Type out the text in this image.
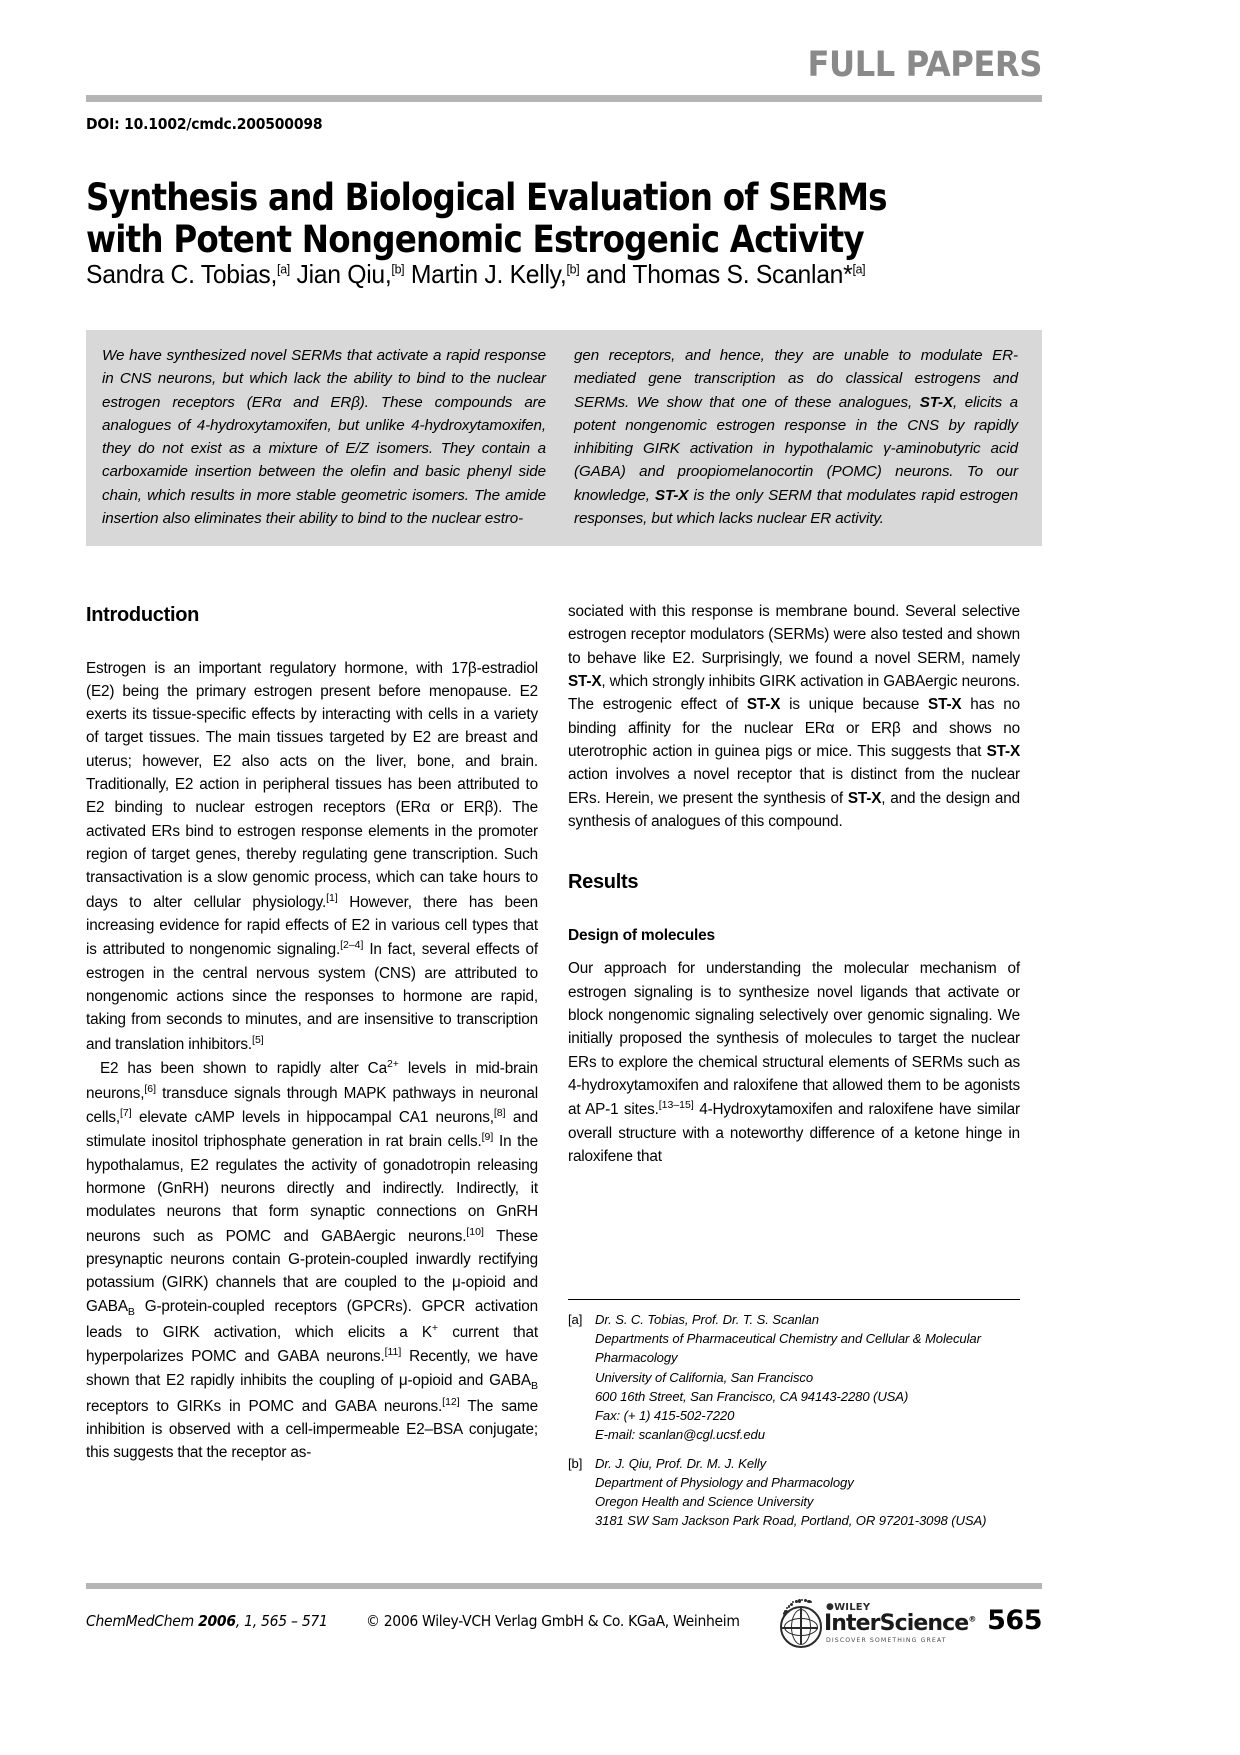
FULL PAPERS
DOI: 10.1002/cmdc.200500098
Synthesis and Biological Evaluation of SERMs with Potent Nongenomic Estrogenic Activity
Sandra C. Tobias,[a] Jian Qiu,[b] Martin J. Kelly,[b] and Thomas S. Scanlan*[a]
We have synthesized novel SERMs that activate a rapid response in CNS neurons, but which lack the ability to bind to the nuclear estrogen receptors (ERα and ERβ). These compounds are analogues of 4-hydroxytamoxifen, but unlike 4-hydroxytamoxifen, they do not exist as a mixture of E/Z isomers. They contain a carboxamide insertion between the olefin and basic phenyl side chain, which results in more stable geometric isomers. The amide insertion also eliminates their ability to bind to the nuclear estro-
gen receptors, and hence, they are unable to modulate ER-mediated gene transcription as do classical estrogens and SERMs. We show that one of these analogues, ST-X, elicits a potent nongenomic estrogen response in the CNS by rapidly inhibiting GIRK activation in hypothalamic γ-aminobutyric acid (GABA) and proopiomelanocortin (POMC) neurons. To our knowledge, ST-X is the only SERM that modulates rapid estrogen responses, but which lacks nuclear ER activity.
Introduction

Estrogen is an important regulatory hormone, with 17β-estradiol (E2) being the primary estrogen present before menopause. E2 exerts its tissue-specific effects by interacting with cells in a variety of target tissues. The main tissues targeted by E2 are breast and uterus; however, E2 also acts on the liver, bone, and brain. Traditionally, E2 action in peripheral tissues has been attributed to E2 binding to nuclear estrogen receptors (ERα or ERβ). The activated ERs bind to estrogen response elements in the promoter region of target genes, thereby regulating gene transcription. Such transactivation is a slow genomic process, which can take hours to days to alter cellular physiology.[1] However, there has been increasing evidence for rapid effects of E2 in various cell types that is attributed to nongenomic signaling.[2–4] In fact, several effects of estrogen in the central nervous system (CNS) are attributed to nongenomic actions since the responses to hormone are rapid, taking from seconds to minutes, and are insensitive to transcription and translation inhibitors.[5]

E2 has been shown to rapidly alter $Ca^{2+}$ levels in mid-brain neurons,[6] transduce signals through MAPK pathways in neuronal cells,[7] elevate cAMP levels in hippocampal CA1 neurons,[8] and stimulate inositol triphosphate generation in rat brain cells.[9] In the hypothalamus, E2 regulates the activity of gonadotropin releasing hormone (GnRH) neurons directly and indirectly. Indirectly, it modulates neurons that form synaptic connections on GnRH neurons such as POMC and GABAergic neurons.[10] These presynaptic neurons contain G-protein-coupled inwardly rectifying potassium (GIRK) channels that are coupled to the μ-opioid and $GABA_B$ G-protein-coupled receptors (GPCRs). GPCR activation leads to GIRK activation, which elicits a K+ current that hyperpolarizes POMC and GABA neurons.[11] Recently, we have shown that E2 rapidly inhibits the coupling of μ-opioid and $GABA_B$ receptors to GIRKs in POMC and GABA neurons.[12] The same inhibition is observed with a cell-impermeable E2–BSA conjugate; this suggests that the receptor as-

sociated with this response is membrane bound. Several selective estrogen receptor modulators (SERMs) were also tested and shown to behave like E2. Surprisingly, we found a novel SERM, namely ST-X, which strongly inhibits GIRK activation in GABAergic neurons. The estrogenic effect of ST-X is unique because ST-X has no binding affinity for the nuclear ERα or ERβ and shows no uterotrophic action in guinea pigs or mice. This suggests that ST-X action involves a novel receptor that is distinct from the nuclear ERs. Herein, we present the synthesis of ST-X, and the design and synthesis of analogues of this compound.

Results
Design of molecules

Our approach for understanding the molecular mechanism of estrogen signaling is to synthesize novel ligands that activate or block nongenomic signaling selectively over genomic signaling. We initially proposed the synthesis of molecules to target the nuclear ERs to explore the chemical structural elements of SERMs such as 4-hydroxytamoxifen and raloxifene that allowed them to be agonists at AP-1 sites.[13–15] 4-Hydroxytamoxifen and raloxifene have similar overall structure with a noteworthy difference of a ketone hinge in raloxifene that

[a] Dr. S. C. Tobias, Prof. Dr. T. S. Scanlan
Departments of Pharmaceutical Chemistry and Cellular & Molecular
Pharmacology
University of California, San Francisco
600 16th Street, San Francisco, CA 94143-2280 (USA)
Fax: (+ 1) 415-502-7220
E-mail: scanlan@cgl.ucsf.edu
[b] Dr. J. Qiu, Prof. Dr. M. J. Kelly
Department of Physiology and Pharmacology
Oregon Health and Science University
3181 SW Sam Jackson Park Road, Portland, OR 97201-3098 (USA)
ChemMedChem 2006, 1, 565 – 571	© 2006 Wiley-VCH Verlag GmbH & Co. KGaA, Weinheim
●WILEY
InterScience®
DISCOVER SOMETHING GREAT
565
